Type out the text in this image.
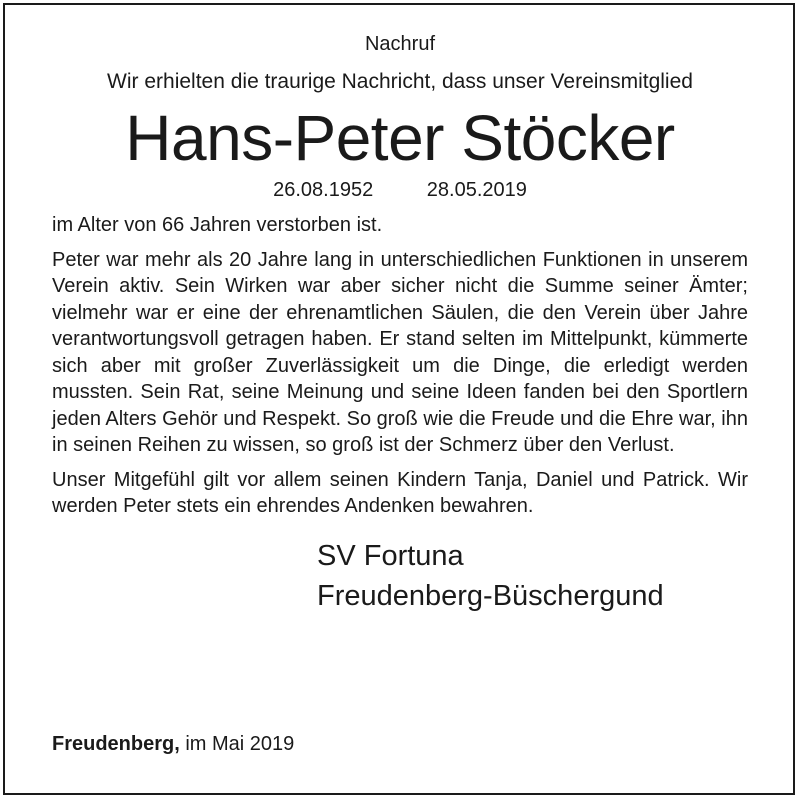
Nachruf
Wir erhielten die traurige Nachricht, dass unser Vereinsmitglied
Hans-Peter Stöcker
26.08.1952	28.05.2019
im Alter von 66 Jahren verstorben ist.
Peter war mehr als 20 Jahre lang in unterschiedlichen Funktionen in unserem Verein aktiv. Sein Wirken war aber sicher nicht die Summe seiner Ämter; vielmehr war er eine der ehrenamtlichen Säulen, die den Verein über Jahre verantwortungsvoll getragen haben. Er stand selten im Mittelpunkt, kümmerte sich aber mit großer Zuverlässigkeit um die Dinge, die erledigt werden mussten. Sein Rat, seine Meinung und seine Ideen fanden bei den Sportlern jeden Alters Gehör und Respekt. So groß wie die Freude und die Ehre war, ihn in seinen Reihen zu wissen, so groß ist der Schmerz über den Verlust.
Unser Mitgefühl gilt vor allem seinen Kindern Tanja, Daniel und Patrick. Wir werden Peter stets ein ehrendes Andenken bewahren.
SV Fortuna
Freudenberg-Büschergund
Freudenberg, im Mai 2019
